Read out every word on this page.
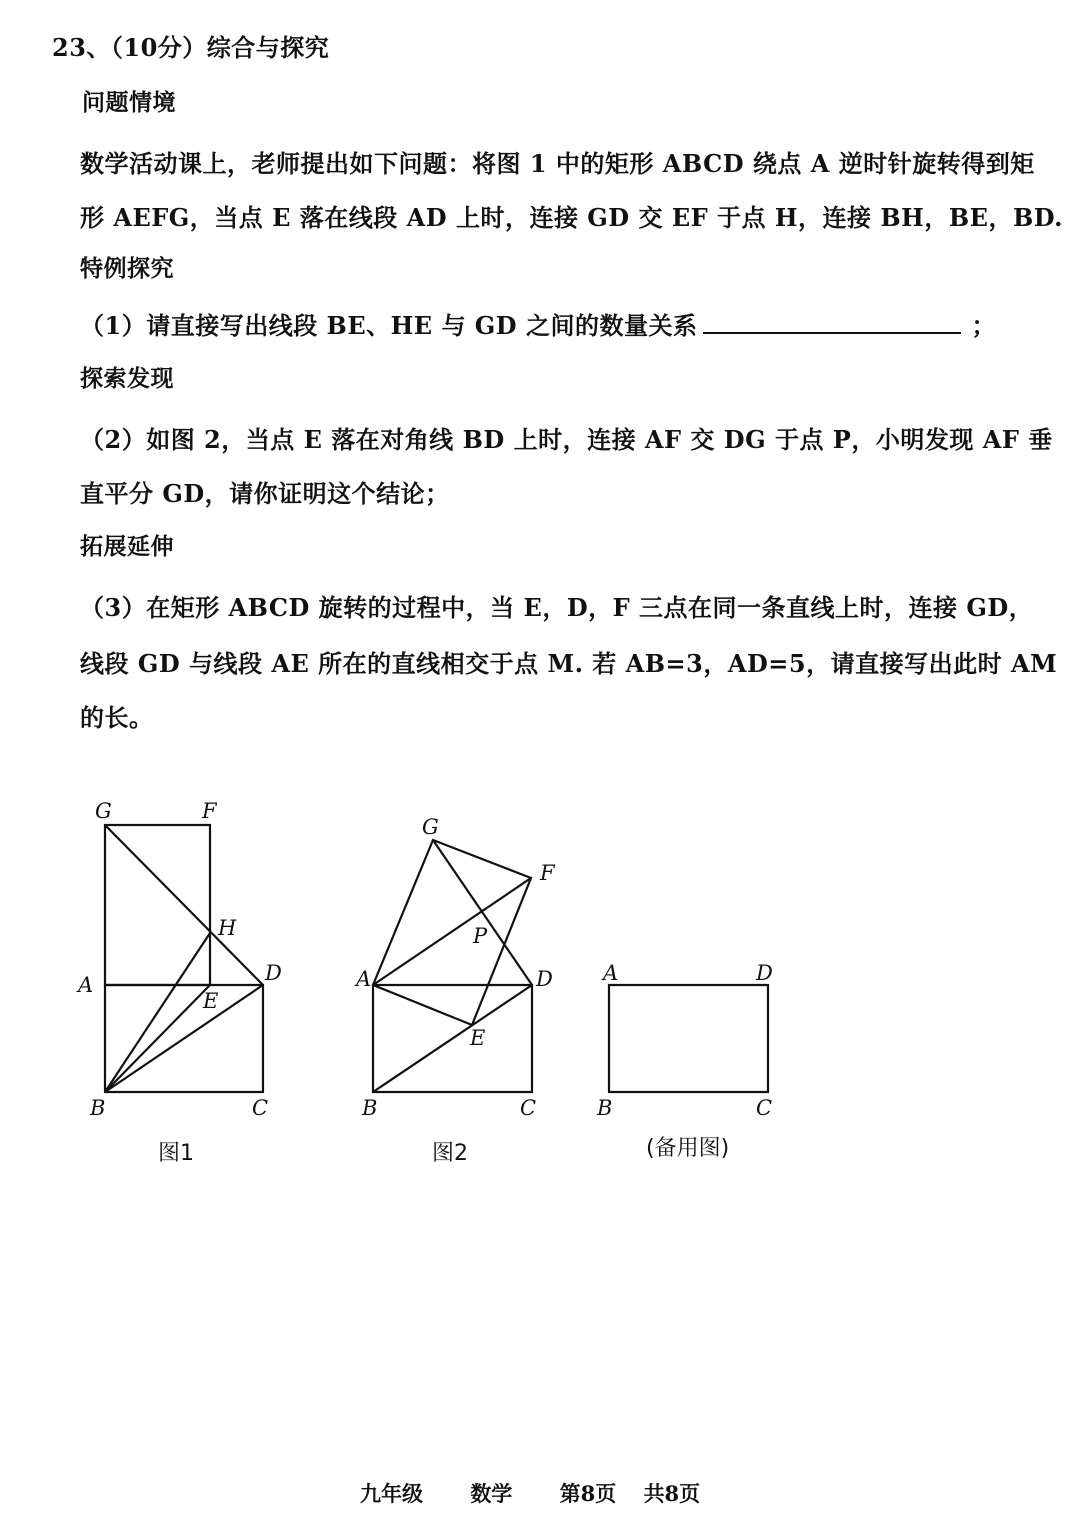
23、（10分）综合与探究
问题情境
数学活动课上，老师提出如下问题：将图 1 中的矩形 ABCD 绕点 A 逆时针旋转得到矩
形 AEFG，当点 E 落在线段 AD 上时，连接 GD 交 EF 于点 H，连接 BH，BE，BD.
特例探究
（1）请直接写出线段 BE、HE 与 GD 之间的数量关系	；
探索发现
（2）如图 2，当点 E 落在对角线 BD 上时，连接 AF 交 DG 于点 P，小明发现 AF 垂
直平分 GD，请你证明这个结论；
拓展延伸
（3）在矩形 ABCD 旋转的过程中，当 E，D，F 三点在同一条直线上时，连接 GD，
线段 GD 与线段 AE 所在的直线相交于点 M. 若 AB=3，AD=5，请直接写出此时 AM
的长。
G	F
H
A	D
E
B	C
图1
G
F
P
A	D
E
B	C
图2
A	D
B	C
(备用图)
九年级 数学 第8页 共8页
